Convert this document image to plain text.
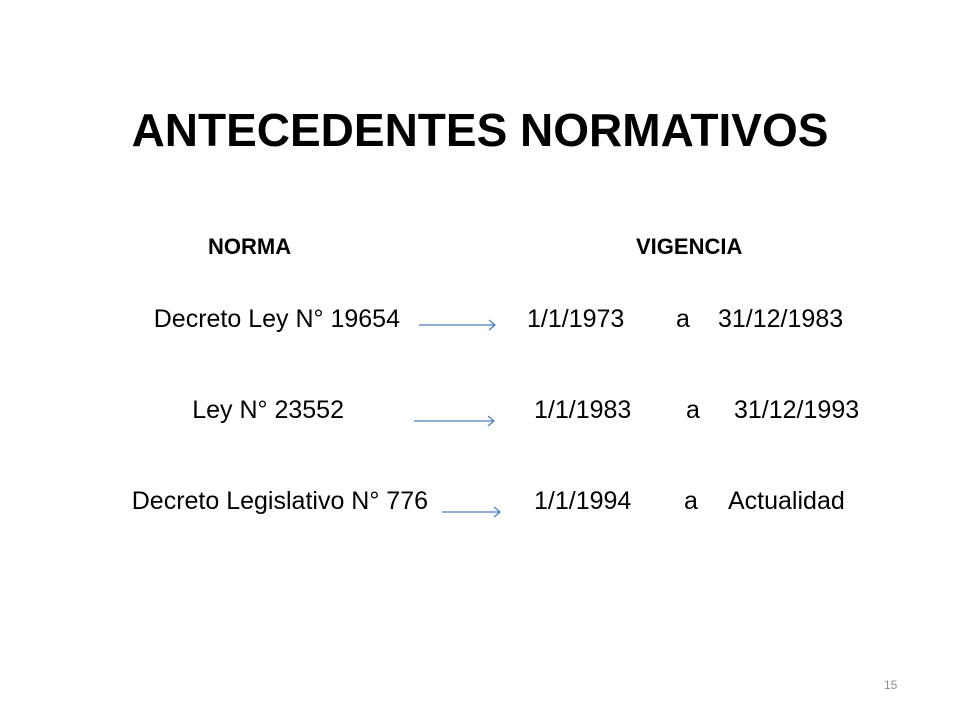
ANTECEDENTES NORMATIVOS
NORMA	VIGENCIA
Decreto Ley N° 19654	1/1/1973 a 31/12/1983
Ley N° 23552	1/1/1983 a 31/12/1993
Decreto Legislativo N° 776	1/1/1994 a Actualidad
15
